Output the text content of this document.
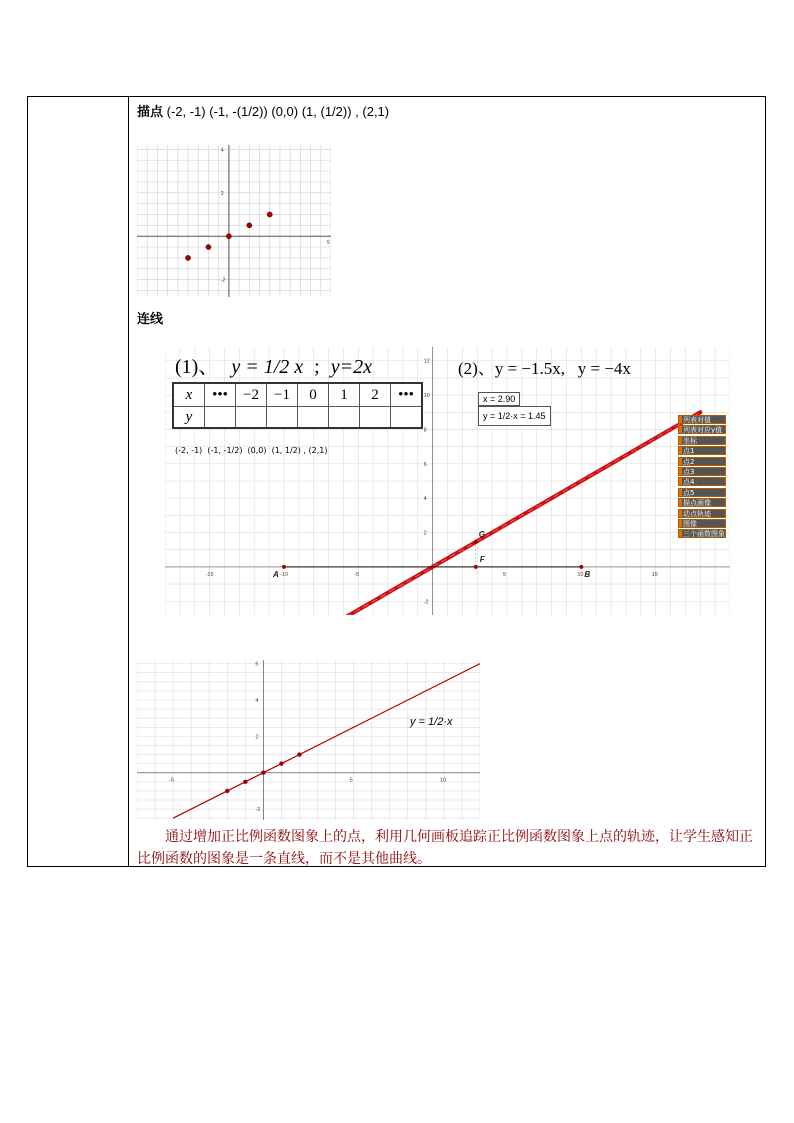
描点 (-2, -1) (-1, -(1/2)) (0,0) (1, (1/2)) , (2,1)
5
4
2
-2
连线
-15	-10	-5	5	10	15
12
10
8
6
4
2
-2
A	B
F
G
(1)、 y = 1/2 x ; y=2x	(2)、y = −1.5x,   y = −4x
x	•••	−2	−1	0	1	2	•••
y							
(-2, -1)  (-1, -1/2)  (0,0)  (1, 1/2) , (2,1)
x = 2.90
y = 1/2·x = 1.45	列表对值
列表对应y值
坐标
点1
点2
点3
点4
点5
描点画像
动点轨迹
图像
三个函数图象
-5	5	10
6
4
2
-2
y = 1/2·x
通过增加正比例函数图象上的点，利用几何画板追踪正比例函数图象上点的轨迹，让学生感知正比例函数的图象是一条直线，而不是其他曲线。
